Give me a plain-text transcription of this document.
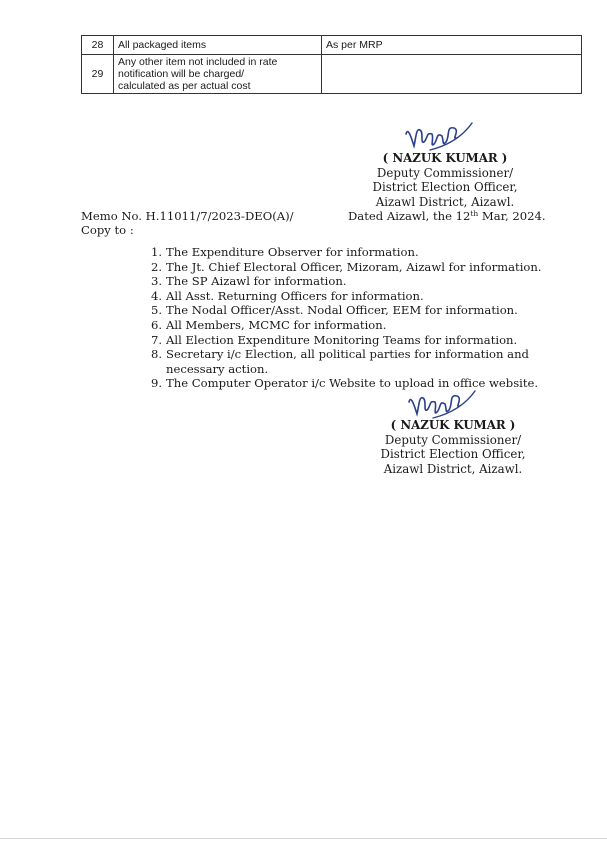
28	All packaged items	As per MRP
29	Any other item not included in rate
notification will be charged/
calculated as per actual cost	
( NAZUK KUMAR )
Deputy Commissioner/
District Election Officer,
Aizawl District, Aizawl.
Memo No. H.11011/7/2023-DEO(A)/	Dated Aizawl, the 12th Mar, 2024.
Copy to :
1. The Expenditure Observer for information.
2. The Jt. Chief Electoral Officer, Mizoram, Aizawl for information.
3. The SP Aizawl for information.
4. All Asst. Returning Officers for information.
5. The Nodal Officer/Asst. Nodal Officer, EEM for information.
6. All Members, MCMC for information.
7. All Election Expenditure Monitoring Teams for information.
8. Secretary i/c Election, all political parties for information and necessary action.
9. The Computer Operator i/c Website to upload in office website.
( NAZUK KUMAR )
Deputy Commissioner/
District Election Officer,
Aizawl District, Aizawl.
